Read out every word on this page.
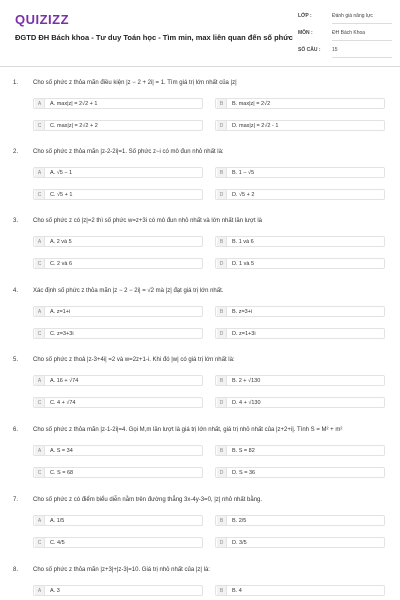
QUIZIZZ
ĐGTD ĐH Bách khoa - Tư duy Toán học - Tìm min, max liên quan đến số phức
LỚP :	Đánh giá năng lực
MÔN :	ĐH Bách Khoa
SỐ CÂU :	15
1. Cho số phức z thỏa mãn điều kiện |z − 2 + 2i| = 1. Tìm giá trị lớn nhất của |z|
A	A. max|z| = 2√2 + 1	B	B. max|z| = 2√2
C	C. max|z| = 2√2 + 2	D	D. max|z| = 2√2 - 1
2. Cho số phức z thỏa mãn |z-2-2i|=1. Số phức z−i có mô đun nhỏ nhất là:
A	A. √5 − 1	B	B. 1 − √5
C	C. √5 + 1	D	D. √5 + 2
3. Cho số phức z có |z|=2 thì số phức w=z+3i có mô đun nhỏ nhất và lớn nhất lần lượt là
A	A. 2 và 5	B	B. 1 và 6
C	C. 2 và 6	D	D. 1 và 5
4. Xác định số phức z thỏa mãn |z − 2 − 2i| = √2 mà |z| đạt giá trị lớn nhất.
A	A. z=1+i	B	B. z=3+i
C	C. z=3+3i	D	D. z=1+3i
5. Cho số phức z thoả |z-3+4i| =2 và w=2z+1-i. Khi đó |w| có giá trị lớn nhất là:
A	A. 16 + √74	B	B. 2 + √130
C	C. 4 + √74	D	D. 4 + √130
6. Cho số phức z thỏa mãn |z-1-2i|=4. Gọi M,m lần lượt là giá trị lớn nhất, giá trị nhỏ nhất của |z+2+i|. Tính S = M² + m²
A	A. S = 34	B	B. S = 82
C	C. S = 68	D	D. S = 36
7. Cho số phức z có điểm biểu diễn nằm trên đường thẳng 3x-4y-3=0, |z| nhỏ nhất bằng.
A	A. 1/5	B	B. 2/5
C	C. 4/5	D	D. 3/5
8. Cho số phức z thỏa mãn |z+3|+|z-3|=10. Giá trị nhỏ nhất của |z| là:
A	A. 3	B	B. 4
